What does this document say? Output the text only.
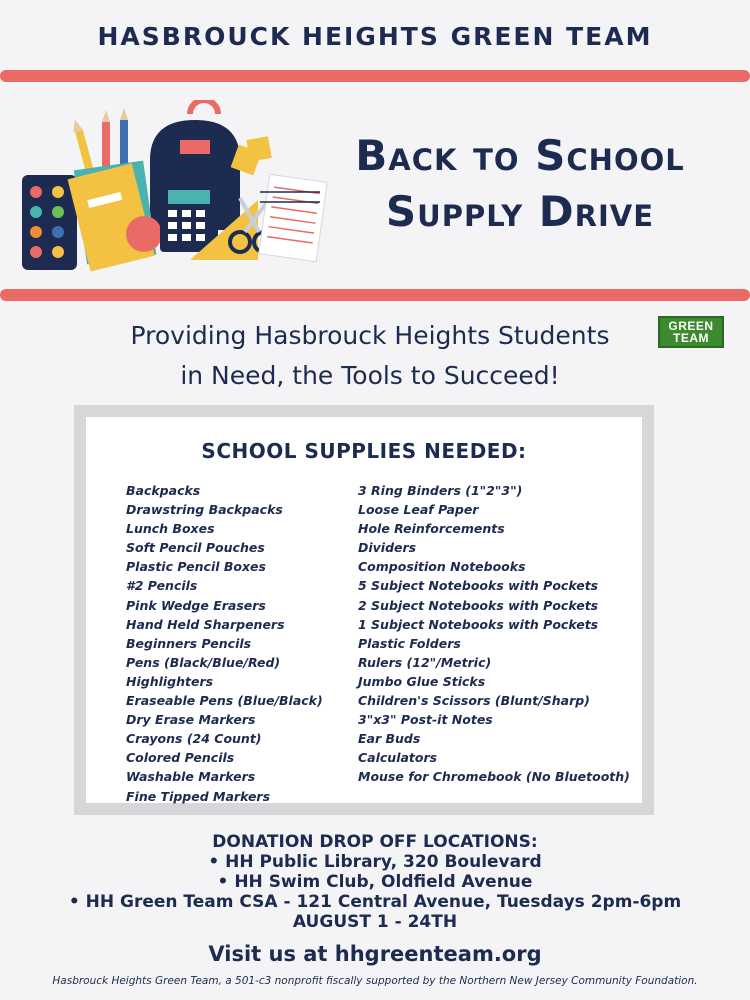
HASBROUCK HEIGHTS GREEN TEAM
Back to School
Supply Drive
Providing Hasbrouck Heights Students
in Need, the Tools to Succeed!
GREEN
TEAM
SCHOOL SUPPLIES NEEDED:
Backpacks
Drawstring Backpacks
Lunch Boxes
Soft Pencil Pouches
Plastic Pencil Boxes
#2 Pencils
Pink Wedge Erasers
Hand Held Sharpeners
Beginners Pencils
Pens (Black/Blue/Red)
Highlighters
Eraseable Pens (Blue/Black)
Dry Erase Markers
Crayons (24 Count)
Colored Pencils
Washable Markers
Fine Tipped Markers
3 Ring Binders (1"2"3")
Loose Leaf Paper
Hole Reinforcements
Dividers
Composition Notebooks
5 Subject Notebooks with Pockets
2 Subject Notebooks with Pockets
1 Subject Notebooks with Pockets
Plastic Folders
Rulers (12"/Metric)
Jumbo Glue Sticks
Children's Scissors (Blunt/Sharp)
3"x3" Post-it Notes
Ear Buds
Calculators
Mouse for Chromebook (No Bluetooth)
DONATION DROP OFF LOCATIONS:
• HH Public Library, 320 Boulevard
• HH Swim Club, Oldfield Avenue
• HH Green Team CSA - 121 Central Avenue, Tuesdays 2pm-6pm
AUGUST 1 - 24TH
Visit us at hhgreenteam.org
Hasbrouck Heights Green Team, a 501-c3 nonprofit fiscally supported by the Northern New Jersey Community Foundation.
